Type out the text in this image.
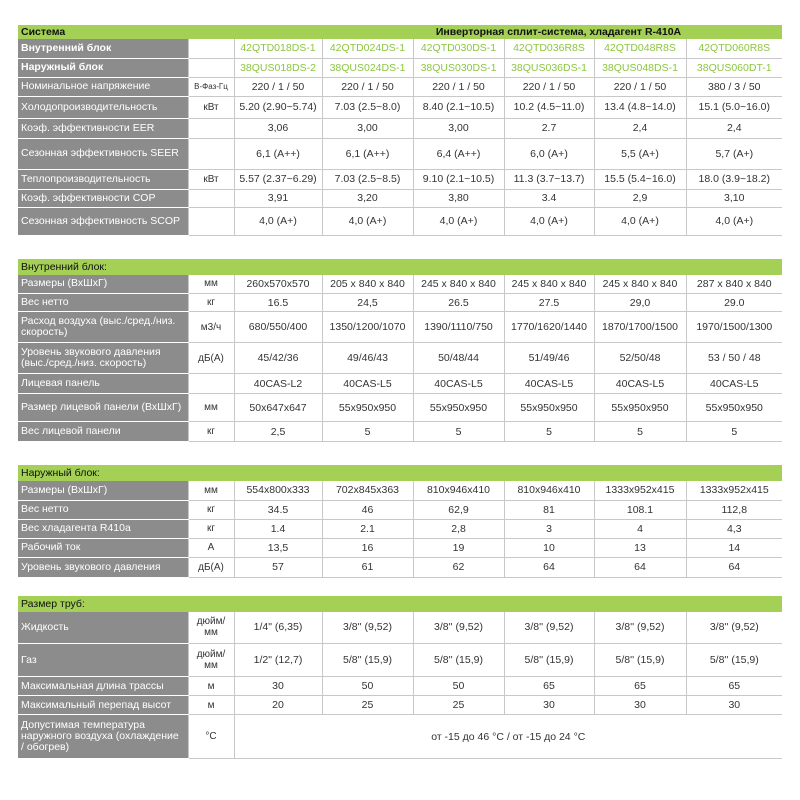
Система	Инверторная сплит-система, хладагент R-410A						
Внутренний блок		42QTD018DS-1	42QTD024DS-1	42QTD030DS-1	42QTD036R8S	42QTD048R8S	42QTD060R8S
Наружный блок		38QUS018DS-2	38QUS024DS-1	38QUS030DS-1	38QUS036DS-1	38QUS048DS-1	38QUS060DT-1
Номинальное напряжение	В-Фаз-Гц	220 / 1 / 50	220 / 1 / 50	220 / 1 / 50	220 / 1 / 50	220 / 1 / 50	380 / 3 / 50
Холодопроизводительность	кВт	5.20 (2.90~5.74)	7.03 (2.5~8.0)	8.40 (2.1~10.5)	10.2 (4.5~11.0)	13.4 (4.8~14.0)	15.1 (5.0~16.0)
Коэф. эффективности EER		3,06	3,00	3,00	2.7	2,4	2,4
Сезонная эффективность SEER		6,1 (A++)	6,1 (A++)	6,4 (A++)	6,0 (A+)	5,5 (A+)	5,7 (A+)
Теплопроизводительность	кВт	5.57 (2.37~6.29)	7.03 (2.5~8.5)	9.10 (2.1~10.5)	11.3 (3.7~13.7)	15.5 (5.4~16.0)	18.0 (3.9~18.2)
Коэф. эффективности COP		3,91	3,20	3,80	3.4	2,9	3,10
Сезонная эффективность SCOP		4,0 (A+)	4,0 (A+)	4,0 (A+)	4,0 (A+)	4,0 (A+)	4,0 (A+)
Внутренний блок:							
Размеры (ВхШхГ)	мм	260x570x570	205 x 840 x 840	245 x 840 x 840	245 x 840 x 840	245 x 840 x 840	287 x 840 x 840
Вес нетто	кг	16.5	24,5	26.5	27.5	29,0	29.0
Расход воздуха (выс./сред./низ. скорость)	м3/ч	680/550/400	1350/1200/1070	1390/1110/750	1770/1620/1440	1870/1700/1500	1970/1500/1300
Уровень звукового давления (выс./сред./низ. скорость)	дБ(А)	45/42/36	49/46/43	50/48/44	51/49/46	52/50/48	53 / 50 / 48
Лицевая панель		40CAS-L2	40CAS-L5	40CAS-L5	40CAS-L5	40CAS-L5	40CAS-L5
Размер лицевой панели (ВхШхГ)	мм	50x647x647	55x950x950	55x950x950	55x950x950	55x950x950	55x950x950
Вес лицевой панели	кг	2,5	5	5	5	5	5
Наружный блок:							
Размеры (ВхШхГ)	мм	554x800x333	702x845x363	810x946x410	810x946x410	1333x952x415	1333x952x415
Вес нетто	кг	34.5	46	62,9	81	108.1	112,8
Вес хладагента R410a	кг	1.4	2.1	2,8	3	4	4,3
Рабочий ток	А	13,5	16	19	10	13	14
Уровень звукового давления	дБ(А)	57	61	62	64	64	64
Размер труб:							
Жидкость	дюйм/ мм	1/4" (6,35)	3/8'' (9,52)	3/8'' (9,52)	3/8'' (9,52)	3/8'' (9,52)	3/8'' (9,52)
Газ	дюйм/ мм	1/2" (12,7)	5/8'' (15,9)	5/8'' (15,9)	5/8'' (15,9)	5/8'' (15,9)	5/8'' (15,9)
Максимальная длина трассы	м	30	50	50	65	65	65
Максимальный перепад высот	м	20	25	25	30	30	30
Допустимая температура наружного воздуха (охлаждение / обогрев)	°С	от -15 до 46 °С / от -15 до 24 °С					
